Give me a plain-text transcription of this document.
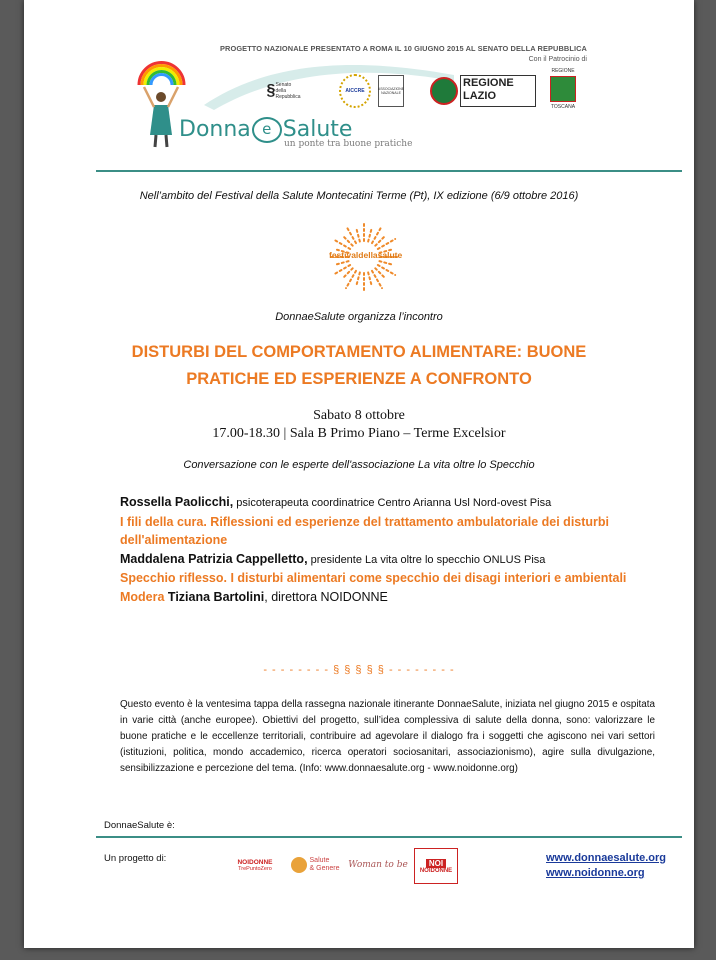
PROGETTO NAZIONALE PRESENTATO A ROMA IL 10 GIUGNO 2015 AL SENATO DELLA REPUBBLICA
Con il Patrocinio di
Donna e Salute
un ponte tra buone pratiche
§ Senato della Repubblica
AICCRE	ASSOCIAZIONE NAZIONALE
REGIONE
LAZIO
REGIONE
TOSCANA
Nell’ambito del Festival della Salute Montecatini Terme (Pt), IX edizione (6/9 ottobre 2016)
festivaldellasalute
DonnaeSalute organizza l’incontro
DISTURBI DEL COMPORTAMENTO ALIMENTARE: BUONE
PRATICHE ED ESPERIENZE A CONFRONTO
Sabato 8 ottobre
17.00-18.30 | Sala B Primo Piano – Terme Excelsior
Conversazione con le esperte dell'associazione La vita oltre lo Specchio
Rossella Paolicchi, psicoterapeuta coordinatrice Centro Arianna Usl Nord-ovest Pisa
I fili della cura. Riflessioni ed esperienze del trattamento ambulatoriale dei disturbi dell'alimentazione
Maddalena Patrizia Cappelletto, presidente La vita oltre lo specchio ONLUS Pisa
Specchio riflesso. I disturbi alimentari come specchio dei disagi interiori e ambientali
Modera Tiziana Bartolini, direttora NOIDONNE
- - - - - - - - § § § § § - - - - - - - -
Questo evento è la ventesima tappa della rassegna nazionale itinerante DonnaeSalute, iniziata nel giugno 2015 e ospitata in varie città (anche europee). Obiettivi del progetto, sull’idea complessiva di salute della donna, sono: valorizzare le buone pratiche e le eccellenze territoriali, contribuire ad agevolare il dialogo fra i soggetti che agiscono nei vari settori (istituzioni, politica, mondo accademico, ricerca operatori sociosanitari, associazionismo), agire sulla divulgazione, sensibilizzazione e percezione del tema. (Info: www.donnaesalute.org - www.noidonne.org)
DonnaeSalute è:
Un progetto di:	NOIDONNE
TrePuntoZero
Salute
& Genere Woman to be	NOI
NOIDONNE
www.donnaesalute.org
www.noidonne.org
